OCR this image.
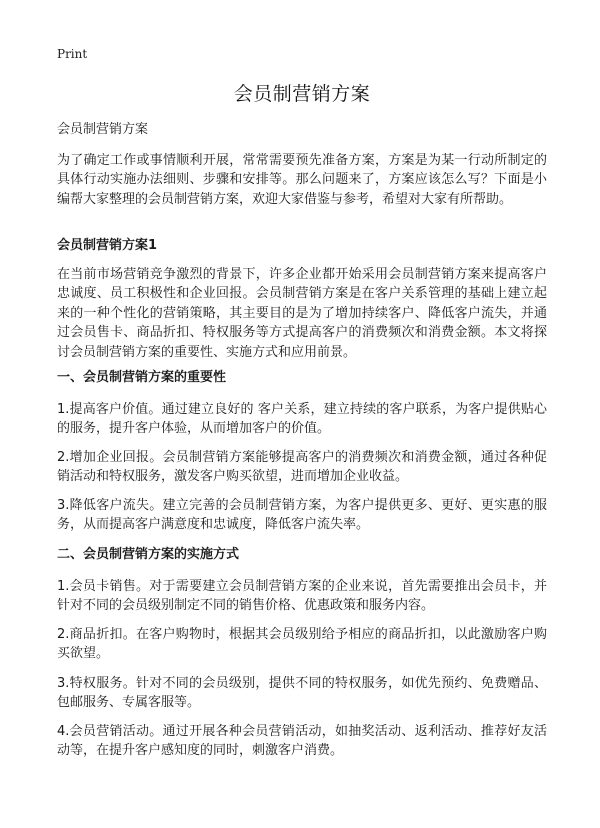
Print
会员制营销方案
会员制营销方案

为了确定工作或事情顺利开展，常常需要预先准备方案，方案是为某一行动所制定的具体行动实施办法细则、步骤和安排等。那么问题来了，方案应该怎么写？下面是小编帮大家整理的会员制营销方案，欢迎大家借鉴与参考，希望对大家有所帮助。

会员制营销方案1

在当前市场营销竞争激烈的背景下，许多企业都开始采用会员制营销方案来提高客户忠诚度、员工积极性和企业回报。会员制营销方案是在客户关系管理的基础上建立起来的一种个性化的营销策略，其主要目的是为了增加持续客户、降低客户流失，并通过会员售卡、商品折扣、特权服务等方式提高客户的消费频次和消费金额。本文将探讨会员制营销方案的重要性、实施方式和应用前景。

一、会员制营销方案的重要性

1.提高客户价值。通过建立良好的 客户关系，建立持续的客户联系，为客户提供贴心的服务，提升客户体验，从而增加客户的价值。

2.增加企业回报。会员制营销方案能够提高客户的消费频次和消费金额，通过各种促销活动和特权服务，激发客户购买欲望，进而增加企业收益。

3.降低客户流失。建立完善的会员制营销方案，为客户提供更多、更好、更实惠的服务，从而提高客户满意度和忠诚度，降低客户流失率。

二、会员制营销方案的实施方式

1.会员卡销售。对于需要建立会员制营销方案的企业来说，首先需要推出会员卡，并针对不同的会员级别制定不同的销售价格、优惠政策和服务内容。

2.商品折扣。在客户购物时，根据其会员级别给予相应的商品折扣，以此激励客户购买欲望。

3.特权服务。针对不同的会员级别，提供不同的特权服务，如优先预约、免费赠品、包邮服务、专属客服等。

4.会员营销活动。通过开展各种会员营销活动，如抽奖活动、返利活动、推荐好友活动等，在提升客户感知度的同时，刺激客户消费。
